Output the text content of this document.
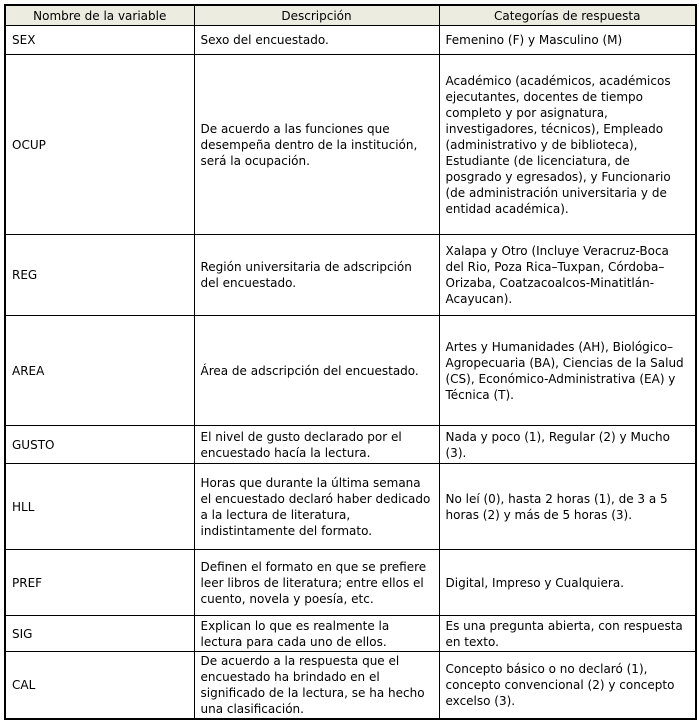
Nombre de la variable	Descripción	Categorías de respuesta
SEX	Sexo del encuestado.	Femenino (F) y Masculino (M)
OCUP	De acuerdo a las funciones que desempeña dentro de la institución, será la ocupación.	Académico (académicos, académicos ejecutantes, docentes de tiempo completo y por asignatura, investigadores, técnicos), Empleado (administrativo y de biblioteca), Estudiante (de licenciatura, de posgrado y egresados), y Funcionario (de administración universitaria y de entidad académica).
REG	Región universitaria de adscripción del encuestado.	Xalapa y Otro (Incluye Veracruz-Boca del Rio, Poza Rica–Tuxpan, Córdoba–Orizaba, Coatzacoalcos-Minatitlán-Acayucan).
AREA	Área de adscripción del encuestado.	Artes y Humanidades (AH), Biológico–Agropecuaria (BA), Ciencias de la Salud (CS), Económico-Administrativa (EA) y Técnica (T).
GUSTO	El nivel de gusto declarado por el encuestado hacía la lectura.	Nada y poco (1), Regular (2) y Mucho (3).
HLL	Horas que durante la última semana el encuestado declaró haber dedicado a la lectura de literatura, indistintamente del formato.	No leí (0), hasta 2 horas (1), de 3 a 5 horas (2) y más de 5 horas (3).
PREF	Definen el formato en que se prefiere leer libros de literatura; entre ellos el cuento, novela y poesía, etc.	Digital, Impreso y Cualquiera.
SIG	Explican lo que es realmente la lectura para cada uno de ellos.	Es una pregunta abierta, con respuesta en texto.
CAL	De acuerdo a la respuesta que el encuestado ha brindado en el significado de la lectura, se ha hecho una clasificación.	Concepto básico o no declaró (1), concepto convencional (2) y concepto excelso (3).
